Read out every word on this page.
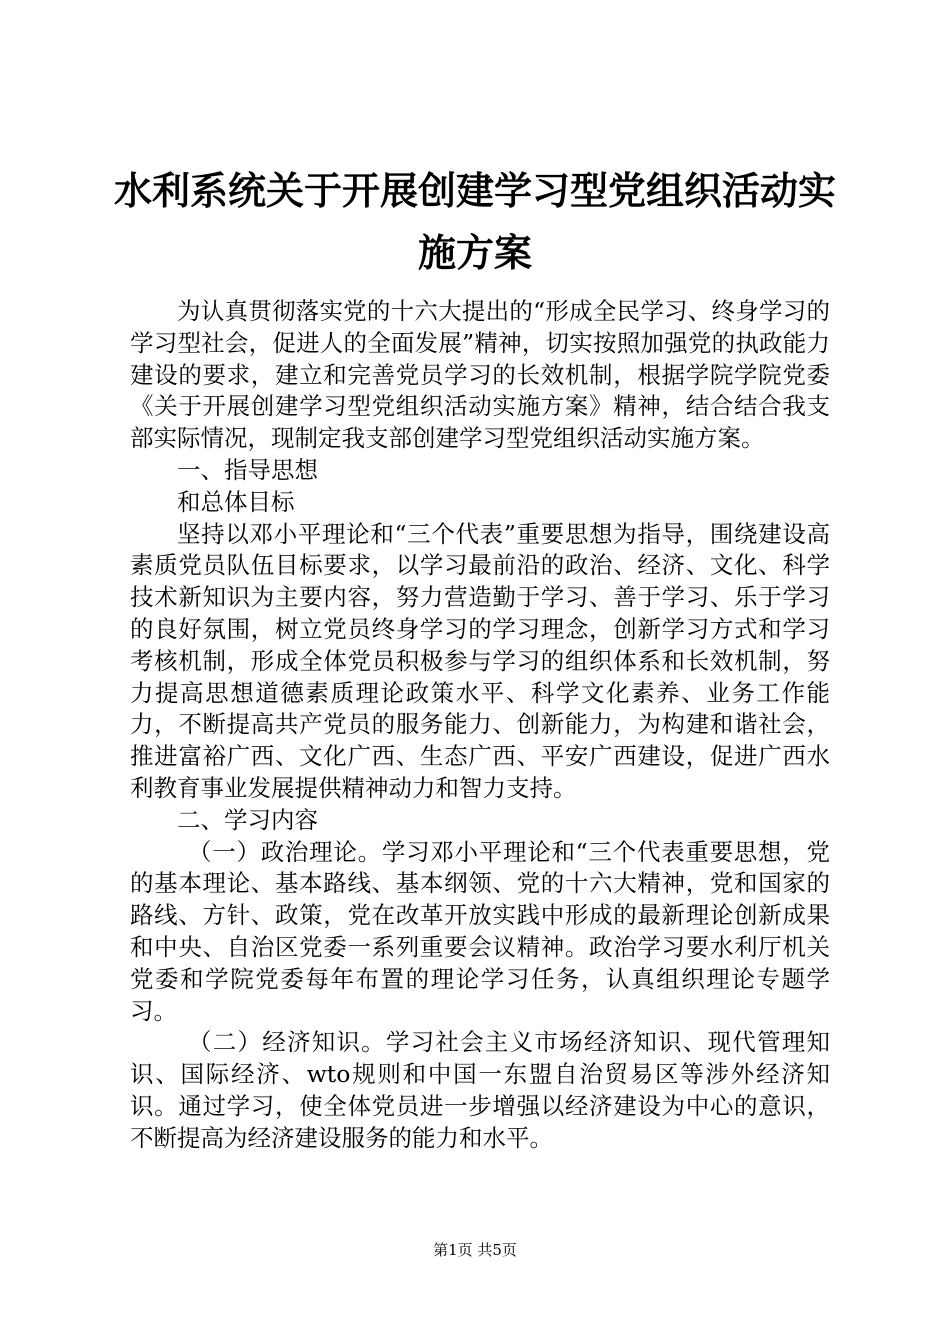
水利系统关于开展创建学习型党组织活动实施方案

为认真贯彻落实党的十六大提出的“形成全民学习、终身学习的学习型社会，促进人的全面发展”精神，切实按照加强党的执政能力建设的要求，建立和完善党员学习的长效机制，根据学院学院党委《关于开展创建学习型党组织活动实施方案》精神，结合结合我支部实际情况，现制定我支部创建学习型党组织活动实施方案。

一、指导思想

和总体目标

坚持以邓小平理论和“三个代表”重要思想为指导，围绕建设高素质党员队伍目标要求，以学习最前沿的政治、经济、文化、科学技术新知识为主要内容，努力营造勤于学习、善于学习、乐于学习的良好氛围，树立党员终身学习的学习理念，创新学习方式和学习考核机制，形成全体党员积极参与学习的组织体系和长效机制，努力提高思想道德素质理论政策水平、科学文化素养、业务工作能力，不断提高共产党员的服务能力、创新能力，为构建和谐社会，推进富裕广西、文化广西、生态广西、平安广西建设，促进广西水利教育事业发展提供精神动力和智力支持。

二、学习内容

（一）政治理论。学习邓小平理论和“三个代表重要思想，党的基本理论、基本路线、基本纲领、党的十六大精神，党和国家的路线、方针、政策，党在改革开放实践中形成的最新理论创新成果和中央、自治区党委一系列重要会议精神。政治学习要水利厅机关党委和学院党委每年布置的理论学习任务，认真组织理论专题学习。

（二）经济知识。学习社会主义市场经济知识、现代管理知识、国际经济、wto规则和中国一东盟自治贸易区等涉外经济知识。通过学习，使全体党员进一步增强以经济建设为中心的意识，不断提高为经济建设服务的能力和水平。

第1页 共5页
